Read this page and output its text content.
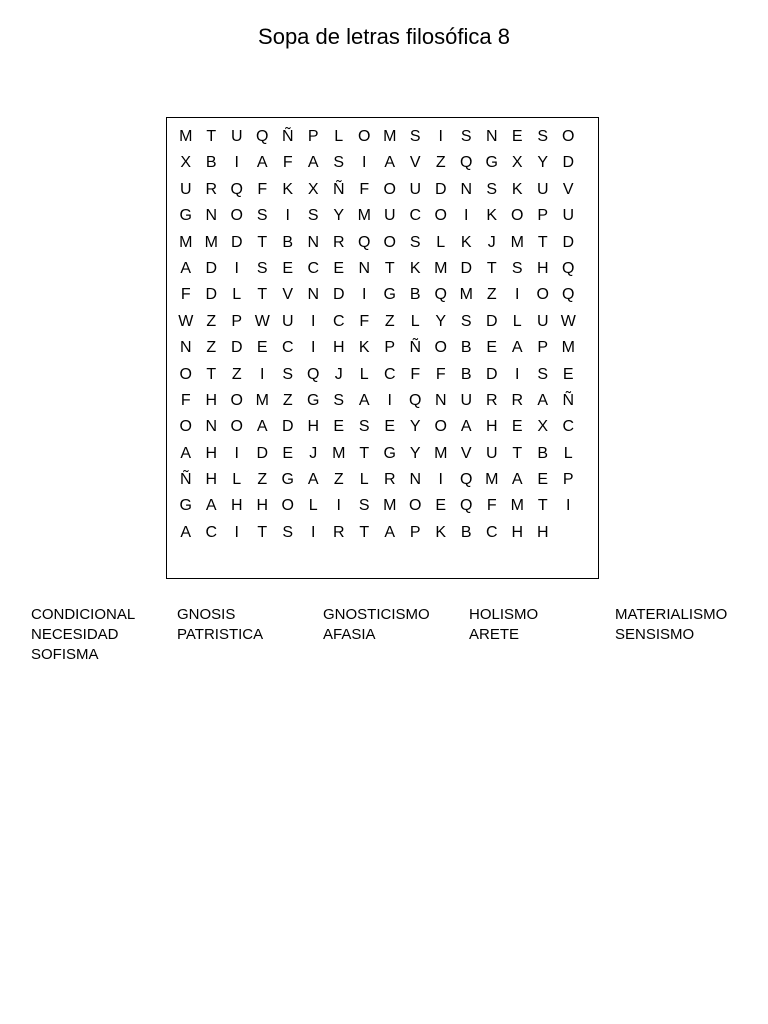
Sopa de letras filosófica 8
M T U Q Ñ P L O M S	I	S N E S O
X B	I	A F A S	I	A V Z Q G X Y D
U R Q F K X Ñ F O U D N S K U V
G N O S	I	S Y M U C O	I	K O P U
M M D T B N R Q O S L K	J M T D
A D	I	S E C E N T K M D T S H Q
F D L	T V N D	I	G B Q M Z	I	O Q
W Z P W U	I	C F Z	L Y S D L U W
N Z D E C	I	H K P Ñ O B E A P M
O T Z	I	S Q J	L C F F B D	I	S E
F H O M Z G S A	I	Q N U R R A Ñ
O N O A D H E S E Y O A H E X C
A H	I	D E	J M T G Y M V U T B L
Ñ H L	Z G A Z	L R N	I	Q M A E P
G A H H O L	I	S M O E Q F M T	I
A C	I	T S	I	R T A P K B C H H
CONDICIONAL	GNOSIS	GNOSTICISMO	HOLISMO	MATERIALISMO
NECESIDAD	PATRISTICA	AFASIA	ARETE	SENSISMO
SOFISMA
